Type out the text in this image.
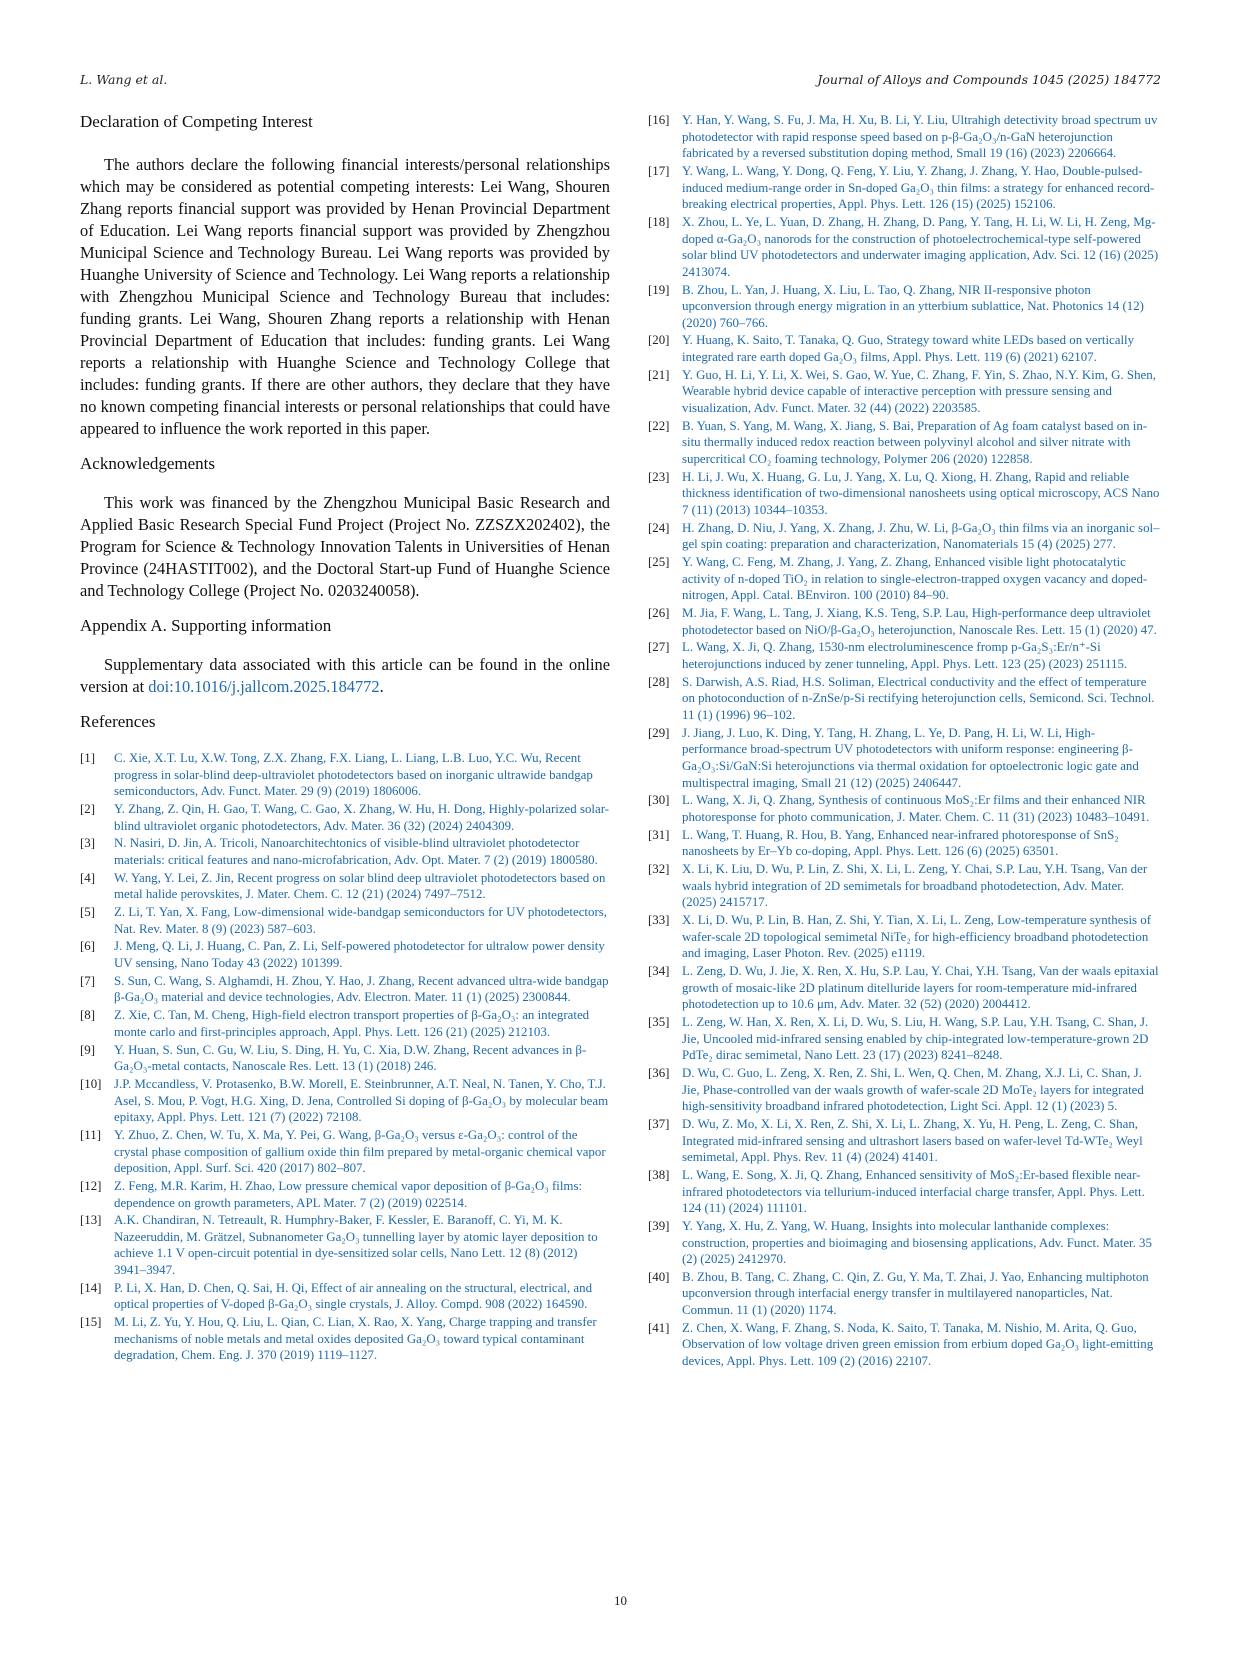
L. Wang et al.	Journal of Alloys and Compounds 1045 (2025) 184772
Declaration of Competing Interest

The authors declare the following financial interests/personal relationships which may be considered as potential competing interests: Lei Wang, Shouren Zhang reports financial support was provided by Henan Provincial Department of Education. Lei Wang reports financial support was provided by Zhengzhou Municipal Science and Technology Bureau. Lei Wang reports was provided by Huanghe University of Science and Technology. Lei Wang reports a relationship with Zhengzhou Municipal Science and Technology Bureau that includes: funding grants. Lei Wang, Shouren Zhang reports a relationship with Henan Provincial Department of Education that includes: funding grants. Lei Wang reports a relationship with Huanghe Science and Technology College that includes: funding grants. If there are other authors, they declare that they have no known competing financial interests or personal relationships that could have appeared to influence the work reported in this paper.

Acknowledgements

This work was financed by the Zhengzhou Municipal Basic Research and Applied Basic Research Special Fund Project (Project No. ZZSZX202402), the Program for Science & Technology Innovation Talents in Universities of Henan Province (24HASTIT002), and the Doctoral Start-up Fund of Huanghe Science and Technology College (Project No. 0203240058).

Appendix A. Supporting information

Supplementary data associated with this article can be found in the online version at doi:10.1016/j.jallcom.2025.184772.

References
[1]	C. Xie, X.T. Lu, X.W. Tong, Z.X. Zhang, F.X. Liang, L. Liang, L.B. Luo, Y.C. Wu, Recent progress in solar-blind deep-ultraviolet photodetectors based on inorganic ultrawide bandgap semiconductors, Adv. Funct. Mater. 29 (9) (2019) 1806006.
[2]	Y. Zhang, Z. Qin, H. Gao, T. Wang, C. Gao, X. Zhang, W. Hu, H. Dong, Highly-polarized solar-blind ultraviolet organic photodetectors, Adv. Mater. 36 (32) (2024) 2404309.
[3]	N. Nasiri, D. Jin, A. Tricoli, Nanoarchitechtonics of visible-blind ultraviolet photodetector materials: critical features and nano-microfabrication, Adv. Opt. Mater. 7 (2) (2019) 1800580.
[4]	W. Yang, Y. Lei, Z. Jin, Recent progress on solar blind deep ultraviolet photodetectors based on metal halide perovskites, J. Mater. Chem. C. 12 (21) (2024) 7497–7512.
[5]	Z. Li, T. Yan, X. Fang, Low-dimensional wide-bandgap semiconductors for UV photodetectors, Nat. Rev. Mater. 8 (9) (2023) 587–603.
[6]	J. Meng, Q. Li, J. Huang, C. Pan, Z. Li, Self-powered photodetector for ultralow power density UV sensing, Nano Today 43 (2022) 101399.
[7]	S. Sun, C. Wang, S. Alghamdi, H. Zhou, Y. Hao, J. Zhang, Recent advanced ultra-wide bandgap β-Ga₂O₃ material and device technologies, Adv. Electron. Mater. 11 (1) (2025) 2300844.
[8]	Z. Xie, C. Tan, M. Cheng, High-field electron transport properties of β-Ga₂O₃: an integrated monte carlo and first-principles approach, Appl. Phys. Lett. 126 (21) (2025) 212103.
[9]	Y. Huan, S. Sun, C. Gu, W. Liu, S. Ding, H. Yu, C. Xia, D.W. Zhang, Recent advances in β-Ga₂O₃-metal contacts, Nanoscale Res. Lett. 13 (1) (2018) 246.
[10] J.P. Mccandless, V. Protasenko, B.W. Morell, E. Steinbrunner, A.T. Neal, N. Tanen, Y. Cho, T.J. Asel, S. Mou, P. Vogt, H.G. Xing, D. Jena, Controlled Si doping of β-Ga₂O₃ by molecular beam epitaxy, Appl. Phys. Lett. 121 (7) (2022) 72108.
[11]	Y. Zhuo, Z. Chen, W. Tu, X. Ma, Y. Pei, G. Wang, β-Ga₂O₃ versus ε-Ga₂O₃: control of the crystal phase composition of gallium oxide thin film prepared by metal-organic chemical vapor deposition, Appl. Surf. Sci. 420 (2017) 802–807.
[12] Z. Feng, M.R. Karim, H. Zhao, Low pressure chemical vapor deposition of β-Ga₂O₃ films: dependence on growth parameters, APL Mater. 7 (2) (2019) 022514.
[13] A.K. Chandiran, N. Tetreault, R. Humphry-Baker, F. Kessler, E. Baranoff, C. Yi, M. K. Nazeeruddin, M. Grätzel, Subnanometer Ga₂O₃ tunnelling layer by atomic layer deposition to achieve 1.1 V open-circuit potential in dye-sensitized solar cells, Nano Lett. 12 (8) (2012) 3941–3947.
[14] P. Li, X. Han, D. Chen, Q. Sai, H. Qi, Effect of air annealing on the structural, electrical, and optical properties of V-doped β-Ga₂O₃ single crystals, J. Alloy. Compd. 908 (2022) 164590.
[15] M. Li, Z. Yu, Y. Hou, Q. Liu, L. Qian, C. Lian, X. Rao, X. Yang, Charge trapping and transfer mechanisms of noble metals and metal oxides deposited Ga₂O₃ toward typical contaminant degradation, Chem. Eng. J. 370 (2019) 1119–1127.
[16] Y. Han, Y. Wang, S. Fu, J. Ma, H. Xu, B. Li, Y. Liu, Ultrahigh detectivity broad spectrum uv photodetector with rapid response speed based on p-β-Ga₂O₃/n-GaN heterojunction fabricated by a reversed substitution doping method, Small 19 (16) (2023) 2206664.
[17] Y. Wang, L. Wang, Y. Dong, Q. Feng, Y. Liu, Y. Zhang, J. Zhang, Y. Hao, Double-pulsed-induced medium-range order in Sn-doped Ga₂O₃ thin films: a strategy for enhanced record-breaking electrical properties, Appl. Phys. Lett. 126 (15) (2025) 152106.
[18] X. Zhou, L. Ye, L. Yuan, D. Zhang, H. Zhang, D. Pang, Y. Tang, H. Li, W. Li, H. Zeng, Mg-doped α-Ga₂O₃ nanorods for the construction of photoelectrochemical-type self-powered solar blind UV photodetectors and underwater imaging application, Adv. Sci. 12 (16) (2025) 2413074.
[19] B. Zhou, L. Yan, J. Huang, X. Liu, L. Tao, Q. Zhang, NIR II-responsive photon upconversion through energy migration in an ytterbium sublattice, Nat. Photonics 14 (12) (2020) 760–766.
[20] Y. Huang, K. Saito, T. Tanaka, Q. Guo, Strategy toward white LEDs based on vertically integrated rare earth doped Ga₂O₃ films, Appl. Phys. Lett. 119 (6) (2021) 62107.
[21] Y. Guo, H. Li, Y. Li, X. Wei, S. Gao, W. Yue, C. Zhang, F. Yin, S. Zhao, N.Y. Kim, G. Shen, Wearable hybrid device capable of interactive perception with pressure sensing and visualization, Adv. Funct. Mater. 32 (44) (2022) 2203585.
[22] B. Yuan, S. Yang, M. Wang, X. Jiang, S. Bai, Preparation of Ag foam catalyst based on in-situ thermally induced redox reaction between polyvinyl alcohol and silver nitrate with supercritical CO₂ foaming technology, Polymer 206 (2020) 122858.
[23] H. Li, J. Wu, X. Huang, G. Lu, J. Yang, X. Lu, Q. Xiong, H. Zhang, Rapid and reliable thickness identification of two-dimensional nanosheets using optical microscopy, ACS Nano 7 (11) (2013) 10344–10353.
[24] H. Zhang, D. Niu, J. Yang, X. Zhang, J. Zhu, W. Li, β-Ga₂O₃ thin films via an inorganic sol–gel spin coating: preparation and characterization, Nanomaterials 15 (4) (2025) 277.
[25] Y. Wang, C. Feng, M. Zhang, J. Yang, Z. Zhang, Enhanced visible light photocatalytic activity of n-doped TiO₂ in relation to single-electron-trapped oxygen vacancy and doped-nitrogen, Appl. Catal. BEnviron. 100 (2010) 84–90.
[26] M. Jia, F. Wang, L. Tang, J. Xiang, K.S. Teng, S.P. Lau, High-performance deep ultraviolet photodetector based on NiO/β-Ga₂O₃ heterojunction, Nanoscale Res. Lett. 15 (1) (2020) 47.
[27] L. Wang, X. Ji, Q. Zhang, 1530-nm electroluminescence fromp p-Ga₂S₃:Er/n⁺-Si heterojunctions induced by zener tunneling, Appl. Phys. Lett. 123 (25) (2023) 251115.
[28] S. Darwish, A.S. Riad, H.S. Soliman, Electrical conductivity and the effect of temperature on photoconduction of n-ZnSe/p-Si rectifying heterojunction cells, Semicond. Sci. Technol. 11 (1) (1996) 96–102.
[29] J. Jiang, J. Luo, K. Ding, Y. Tang, H. Zhang, L. Ye, D. Pang, H. Li, W. Li, High-performance broad-spectrum UV photodetectors with uniform response: engineering β-Ga₂O₃:Si/GaN:Si heterojunctions via thermal oxidation for optoelectronic logic gate and multispectral imaging, Small 21 (12) (2025) 2406447.
[30] L. Wang, X. Ji, Q. Zhang, Synthesis of continuous MoS₂:Er films and their enhanced NIR photoresponse for photo communication, J. Mater. Chem. C. 11 (31) (2023) 10483–10491.
[31] L. Wang, T. Huang, R. Hou, B. Yang, Enhanced near-infrared photoresponse of SnS₂ nanosheets by Er–Yb co-doping, Appl. Phys. Lett. 126 (6) (2025) 63501.
[32] X. Li, K. Liu, D. Wu, P. Lin, Z. Shi, X. Li, L. Zeng, Y. Chai, S.P. Lau, Y.H. Tsang, Van der waals hybrid integration of 2D semimetals for broadband photodetection, Adv. Mater. (2025) 2415717.
[33] X. Li, D. Wu, P. Lin, B. Han, Z. Shi, Y. Tian, X. Li, L. Zeng, Low-temperature synthesis of wafer-scale 2D topological semimetal NiTe₂ for high-efficiency broadband photodetection and imaging, Laser Photon. Rev. (2025) e1119.
[34] L. Zeng, D. Wu, J. Jie, X. Ren, X. Hu, S.P. Lau, Y. Chai, Y.H. Tsang, Van der waals epitaxial growth of mosaic-like 2D platinum ditelluride layers for room-temperature mid-infrared photodetection up to 10.6 μm, Adv. Mater. 32 (52) (2020) 2004412.
[35] L. Zeng, W. Han, X. Ren, X. Li, D. Wu, S. Liu, H. Wang, S.P. Lau, Y.H. Tsang, C. Shan, J. Jie, Uncooled mid-infrared sensing enabled by chip-integrated low-temperature-grown 2D PdTe₂ dirac semimetal, Nano Lett. 23 (17) (2023) 8241–8248.
[36] D. Wu, C. Guo, L. Zeng, X. Ren, Z. Shi, L. Wen, Q. Chen, M. Zhang, X.J. Li, C. Shan, J. Jie, Phase-controlled van der waals growth of wafer-scale 2D MoTe₂ layers for integrated high-sensitivity broadband infrared photodetection, Light Sci. Appl. 12 (1) (2023) 5.
[37] D. Wu, Z. Mo, X. Li, X. Ren, Z. Shi, X. Li, L. Zhang, X. Yu, H. Peng, L. Zeng, C. Shan, Integrated mid-infrared sensing and ultrashort lasers based on wafer-level Td-WTe₂ Weyl semimetal, Appl. Phys. Rev. 11 (4) (2024) 41401.
[38] L. Wang, E. Song, X. Ji, Q. Zhang, Enhanced sensitivity of MoS₂:Er-based flexible near-infrared photodetectors via tellurium-induced interfacial charge transfer, Appl. Phys. Lett. 124 (11) (2024) 111101.
[39] Y. Yang, X. Hu, Z. Yang, W. Huang, Insights into molecular lanthanide complexes: construction, properties and bioimaging and biosensing applications, Adv. Funct. Mater. 35 (2) (2025) 2412970.
[40] B. Zhou, B. Tang, C. Zhang, C. Qin, Z. Gu, Y. Ma, T. Zhai, J. Yao, Enhancing multiphoton upconversion through interfacial energy transfer in multilayered nanoparticles, Nat. Commun. 11 (1) (2020) 1174.
[41] Z. Chen, X. Wang, F. Zhang, S. Noda, K. Saito, T. Tanaka, M. Nishio, M. Arita, Q. Guo, Observation of low voltage driven green emission from erbium doped Ga₂O₃ light-emitting devices, Appl. Phys. Lett. 109 (2) (2016) 22107.
10
